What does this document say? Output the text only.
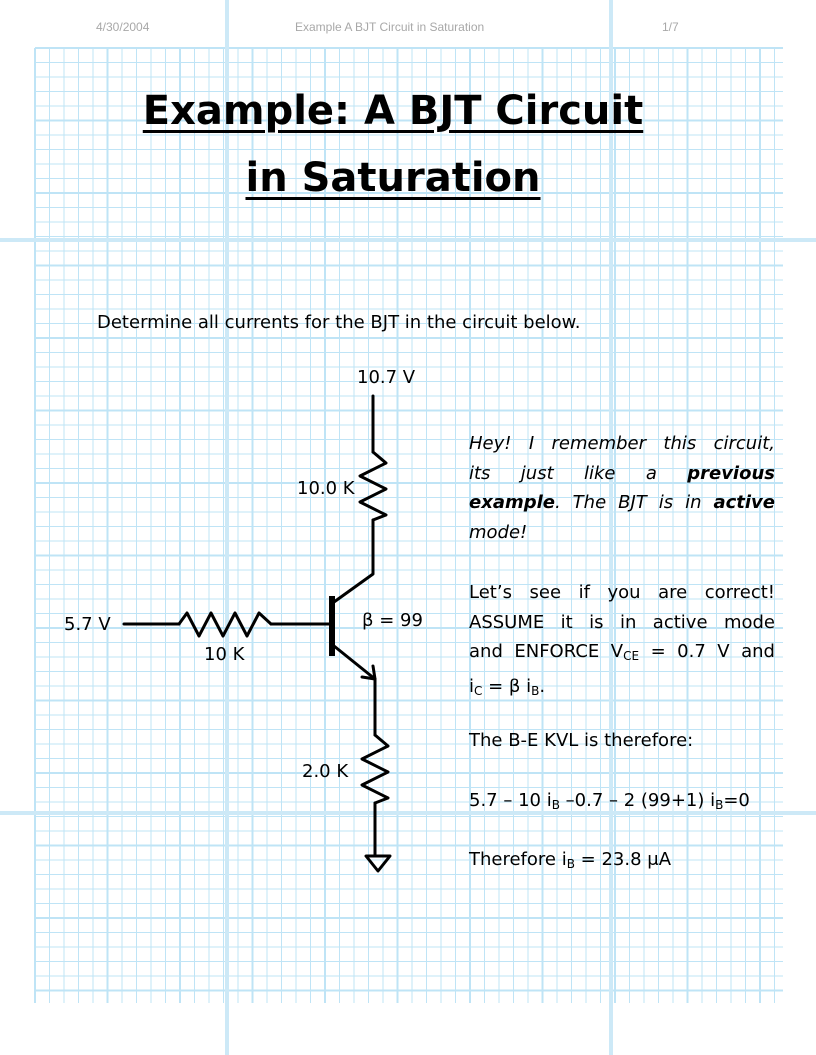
4/30/2004	Example A BJT Circuit in Saturation	1/7
Example: A BJT Circuit
in Saturation
Determine all currents for the BJT in the circuit below.
10.7 V
10.0 K
5.7 V
10 K
β = 99
2.0 K
Hey! I remember this circuit,
its just like a previous
example. The BJT is in active
mode!
Let’s see if you are correct!
ASSUME it is in active mode
and ENFORCE $V_{CE} = 0.7$ V and
$i_C = \beta$ $i_B$.
The B-E KVL is therefore:
5.7 – 10 $i_B$ –0.7 – 2 (99+1) $i_B=0$
Therefore $i_B = 23.8$ μA
